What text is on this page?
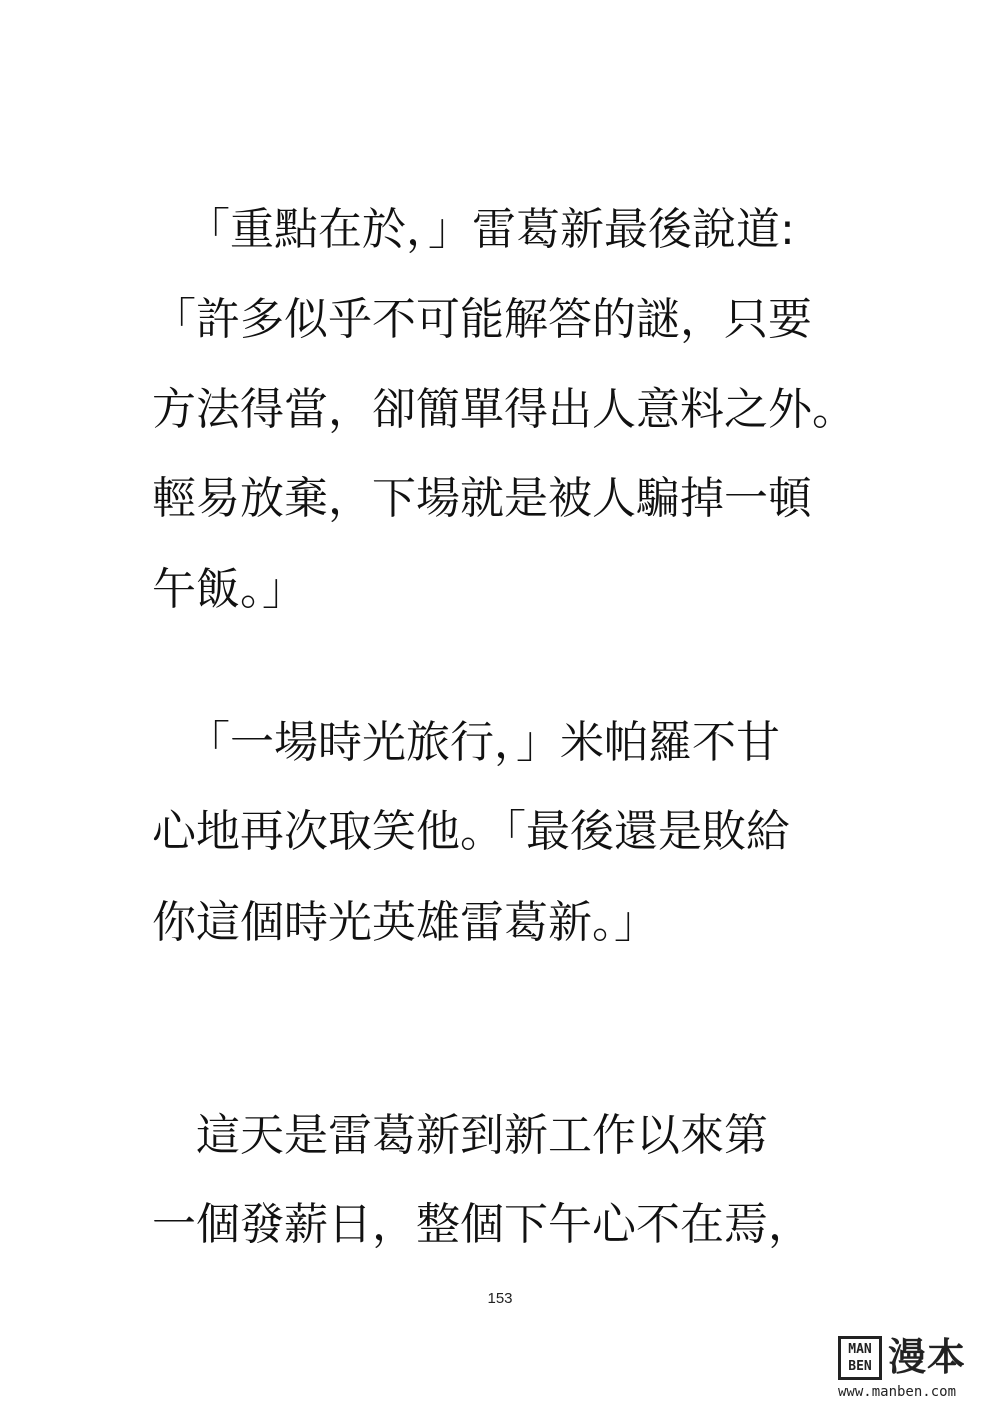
「重點在於，」雷葛新最後說道:
「許多似乎不可能解答的謎，只要
方法得當，卻簡單得出人意料之外。
輕易放棄，下場就是被人騙掉一頓
午飯。」
「一場時光旅行，」米帕羅不甘
心地再次取笑他。「最後還是敗給
你這個時光英雄雷葛新。」
這天是雷葛新到新工作以來第
一個發薪日，整個下午心不在焉，
153
MAN
BEN 漫本
www.manben.com
